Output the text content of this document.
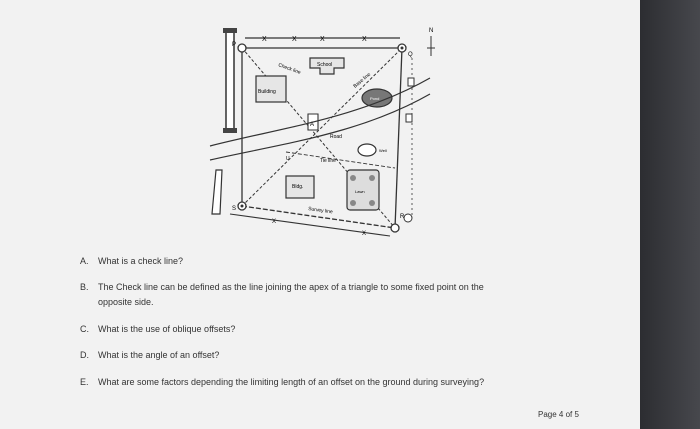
X	X	X	X
P
Q
S
R
N
Building
School
Check line
Base line
Pond
A
Road
Tie line
U
Well
Bldg.
Lawn
Survey line
X
X
A. What is a check line?
B. The Check line can be defined as the line joining the apex of a triangle to some fixed point on the
opposite side.
C. What is the use of oblique offsets?
D. What is the angle of an offset?
E. What are some factors depending the limiting length of an offset on the ground during surveying?
Page 4 of 5
